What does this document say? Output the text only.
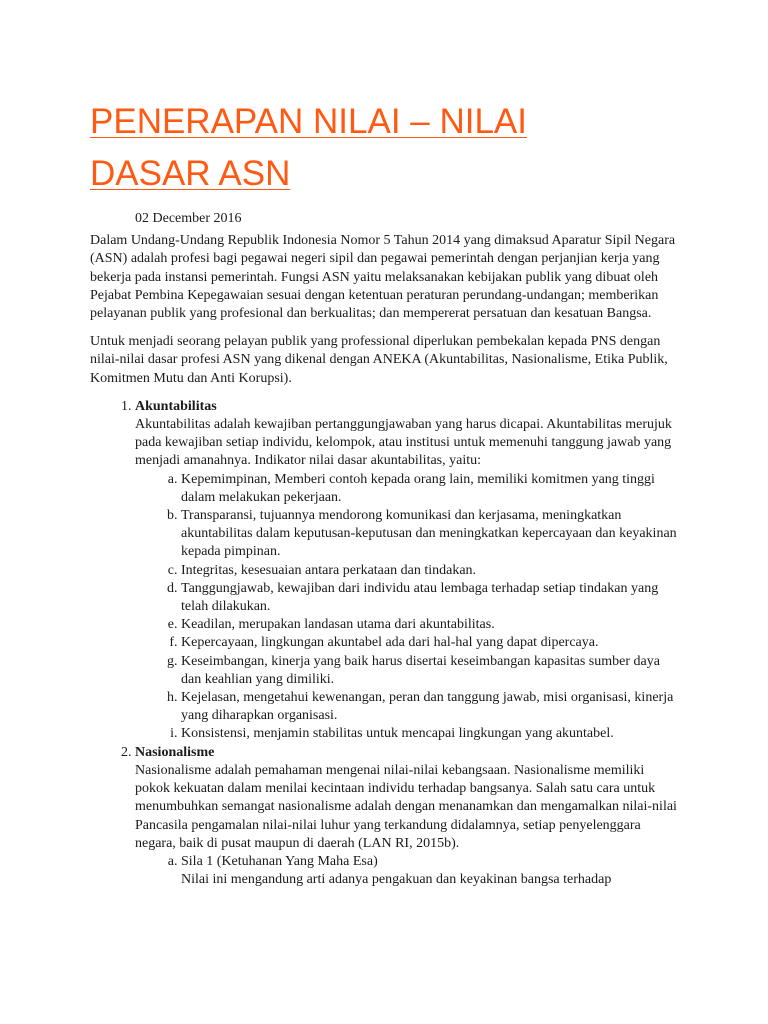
PENERAPAN NILAI – NILAI
DASAR ASN
02 December 2016

Dalam Undang-Undang Republik Indonesia Nomor 5 Tahun 2014 yang dimaksud Aparatur Sipil Negara (ASN) adalah profesi bagi pegawai negeri sipil dan pegawai pemerintah dengan perjanjian kerja yang bekerja pada instansi pemerintah. Fungsi ASN yaitu melaksanakan kebijakan publik yang dibuat oleh Pejabat Pembina Kepegawaian sesuai dengan ketentuan peraturan perundang-undangan; memberikan pelayanan publik yang profesional dan berkualitas; dan mempererat persatuan dan kesatuan Bangsa.

Untuk menjadi seorang pelayan publik yang professional diperlukan pembekalan kepada PNS dengan nilai-nilai dasar profesi ASN yang dikenal dengan ANEKA (Akuntabilitas, Nasionalisme, Etika Publik, Komitmen Mutu dan Anti Korupsi).

1. Akuntabilitas
Akuntabilitas adalah kewajiban pertanggungjawaban yang harus dicapai. Akuntabilitas merujuk pada kewajiban setiap individu, kelompok, atau institusi untuk memenuhi tanggung jawab yang menjadi amanahnya. Indikator nilai dasar akuntabilitas, yaitu:
a. Kepemimpinan, Memberi contoh kepada orang lain, memiliki komitmen yang tinggi dalam melakukan pekerjaan.
b. Transparansi, tujuannya mendorong komunikasi dan kerjasama, meningkatkan akuntabilitas dalam keputusan-keputusan dan meningkatkan kepercayaan dan keyakinan kepada pimpinan.
c. Integritas, kesesuaian antara perkataan dan tindakan.
d. Tanggungjawab, kewajiban dari individu atau lembaga terhadap setiap tindakan yang telah dilakukan.
e. Keadilan, merupakan landasan utama dari akuntabilitas.
f. Kepercayaan, lingkungan akuntabel ada dari hal-hal yang dapat dipercaya.
g. Keseimbangan, kinerja yang baik harus disertai keseimbangan kapasitas sumber daya dan keahlian yang dimiliki.
h. Kejelasan, mengetahui kewenangan, peran dan tanggung jawab, misi organisasi, kinerja yang diharapkan organisasi.
i. Konsistensi, menjamin stabilitas untuk mencapai lingkungan yang akuntabel.
2. Nasionalisme
Nasionalisme adalah pemahaman mengenai nilai-nilai kebangsaan. Nasionalisme memiliki pokok kekuatan dalam menilai kecintaan individu terhadap bangsanya. Salah satu cara untuk menumbuhkan semangat nasionalisme adalah dengan menanamkan dan mengamalkan nilai-nilai Pancasila pengamalan nilai-nilai luhur yang terkandung didalamnya, setiap penyelenggara negara, baik di pusat maupun di daerah (LAN RI, 2015b).
a. Sila 1 (Ketuhanan Yang Maha Esa)
Nilai ini mengandung arti adanya pengakuan dan keyakinan bangsa terhadap
